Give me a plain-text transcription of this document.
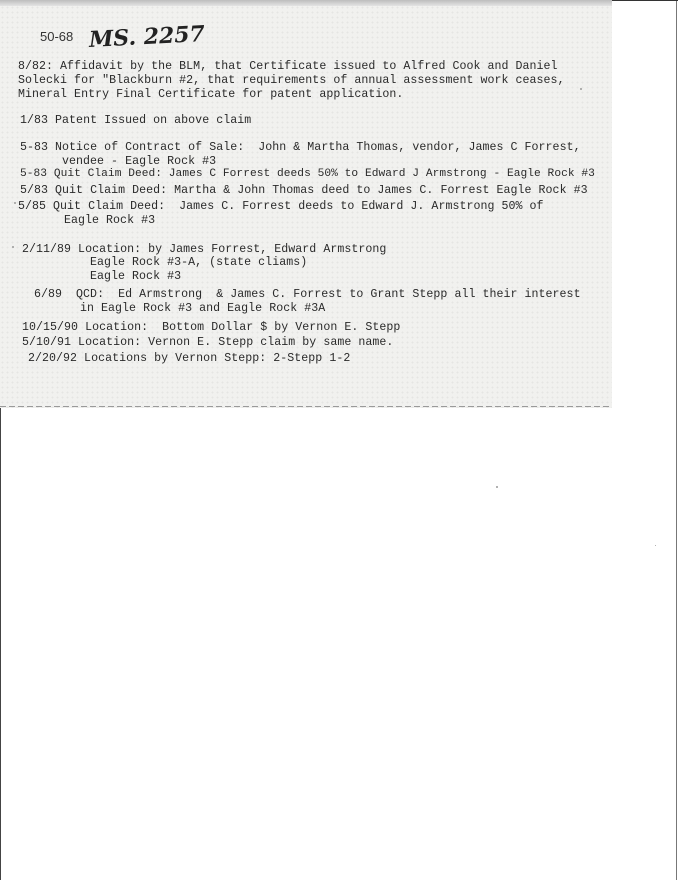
50-68 MS. 2257
8/82: Affidavit by the BLM, that Certificate issued to Alfred Cook and Daniel
Solecki for "Blackburn #2, that requirements of annual assessment work ceases,
Mineral Entry Final Certificate for patent application.
1/83 Patent Issued on above claim
5-83 Notice of Contract of Sale:  John & Martha Thomas, vendor, James C Forrest,
vendee - Eagle Rock #3
5-83 Quit Claim Deed: James C Forrest deeds 50% to Edward J Armstrong - Eagle Rock #3
5/83 Quit Claim Deed: Martha & John Thomas deed to James C. Forrest Eagle Rock #3
5/85 Quit Claim Deed:  James C. Forrest deeds to Edward J. Armstrong 50% of
Eagle Rock #3
2/11/89 Location: by James Forrest, Edward Armstrong
Eagle Rock #3-A, (state cliams)
Eagle Rock #3
6/89  QCD:  Ed Armstrong  & James C. Forrest to Grant Stepp all their interest
in Eagle Rock #3 and Eagle Rock #3A
10/15/90 Location:  Bottom Dollar $ by Vernon E. Stepp
5/10/91 Location: Vernon E. Stepp claim by same name.
2/20/92 Locations by Vernon Stepp: 2-Stepp 1-2
